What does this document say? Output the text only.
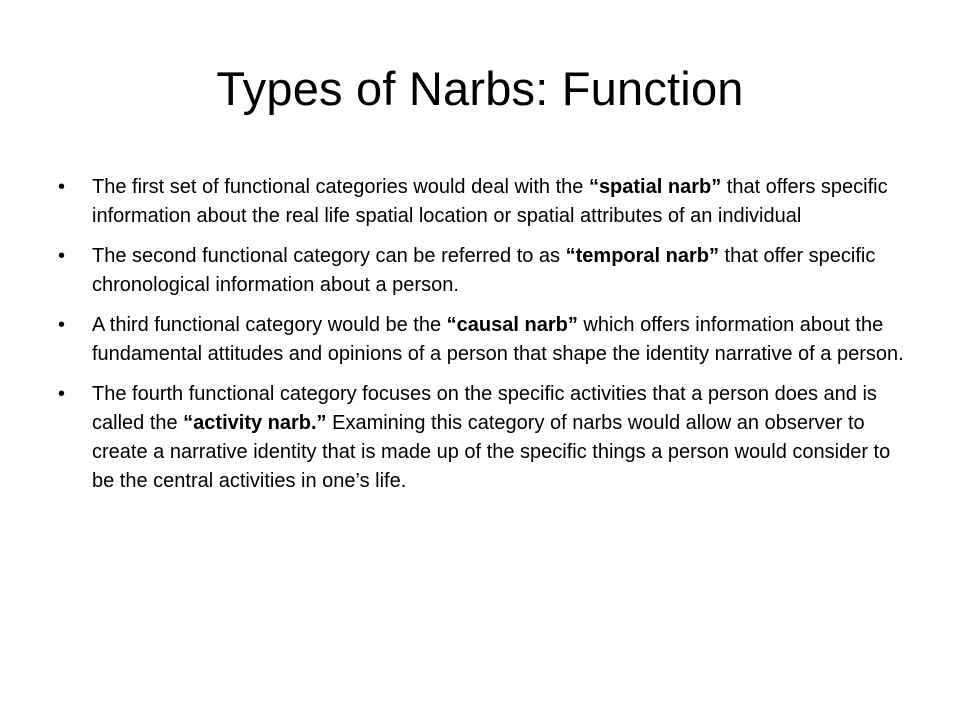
Types of Narbs: Function
•	The first set of functional categories would deal with the “spatial narb” that offers specific information about the real life spatial location or spatial attributes of an individual
•	The second functional category can be referred to as “temporal narb” that offer specific chronological information about a person.
•	A third functional category would be the “causal narb” which offers information about the fundamental attitudes and opinions of a person that shape the identity narrative of a person.
•	The fourth functional category focuses on the specific activities that a person does and is called the “activity narb.” Examining this category of narbs would allow an observer to create a narrative identity that is made up of the specific things a person would consider to be the central activities in one’s life.
